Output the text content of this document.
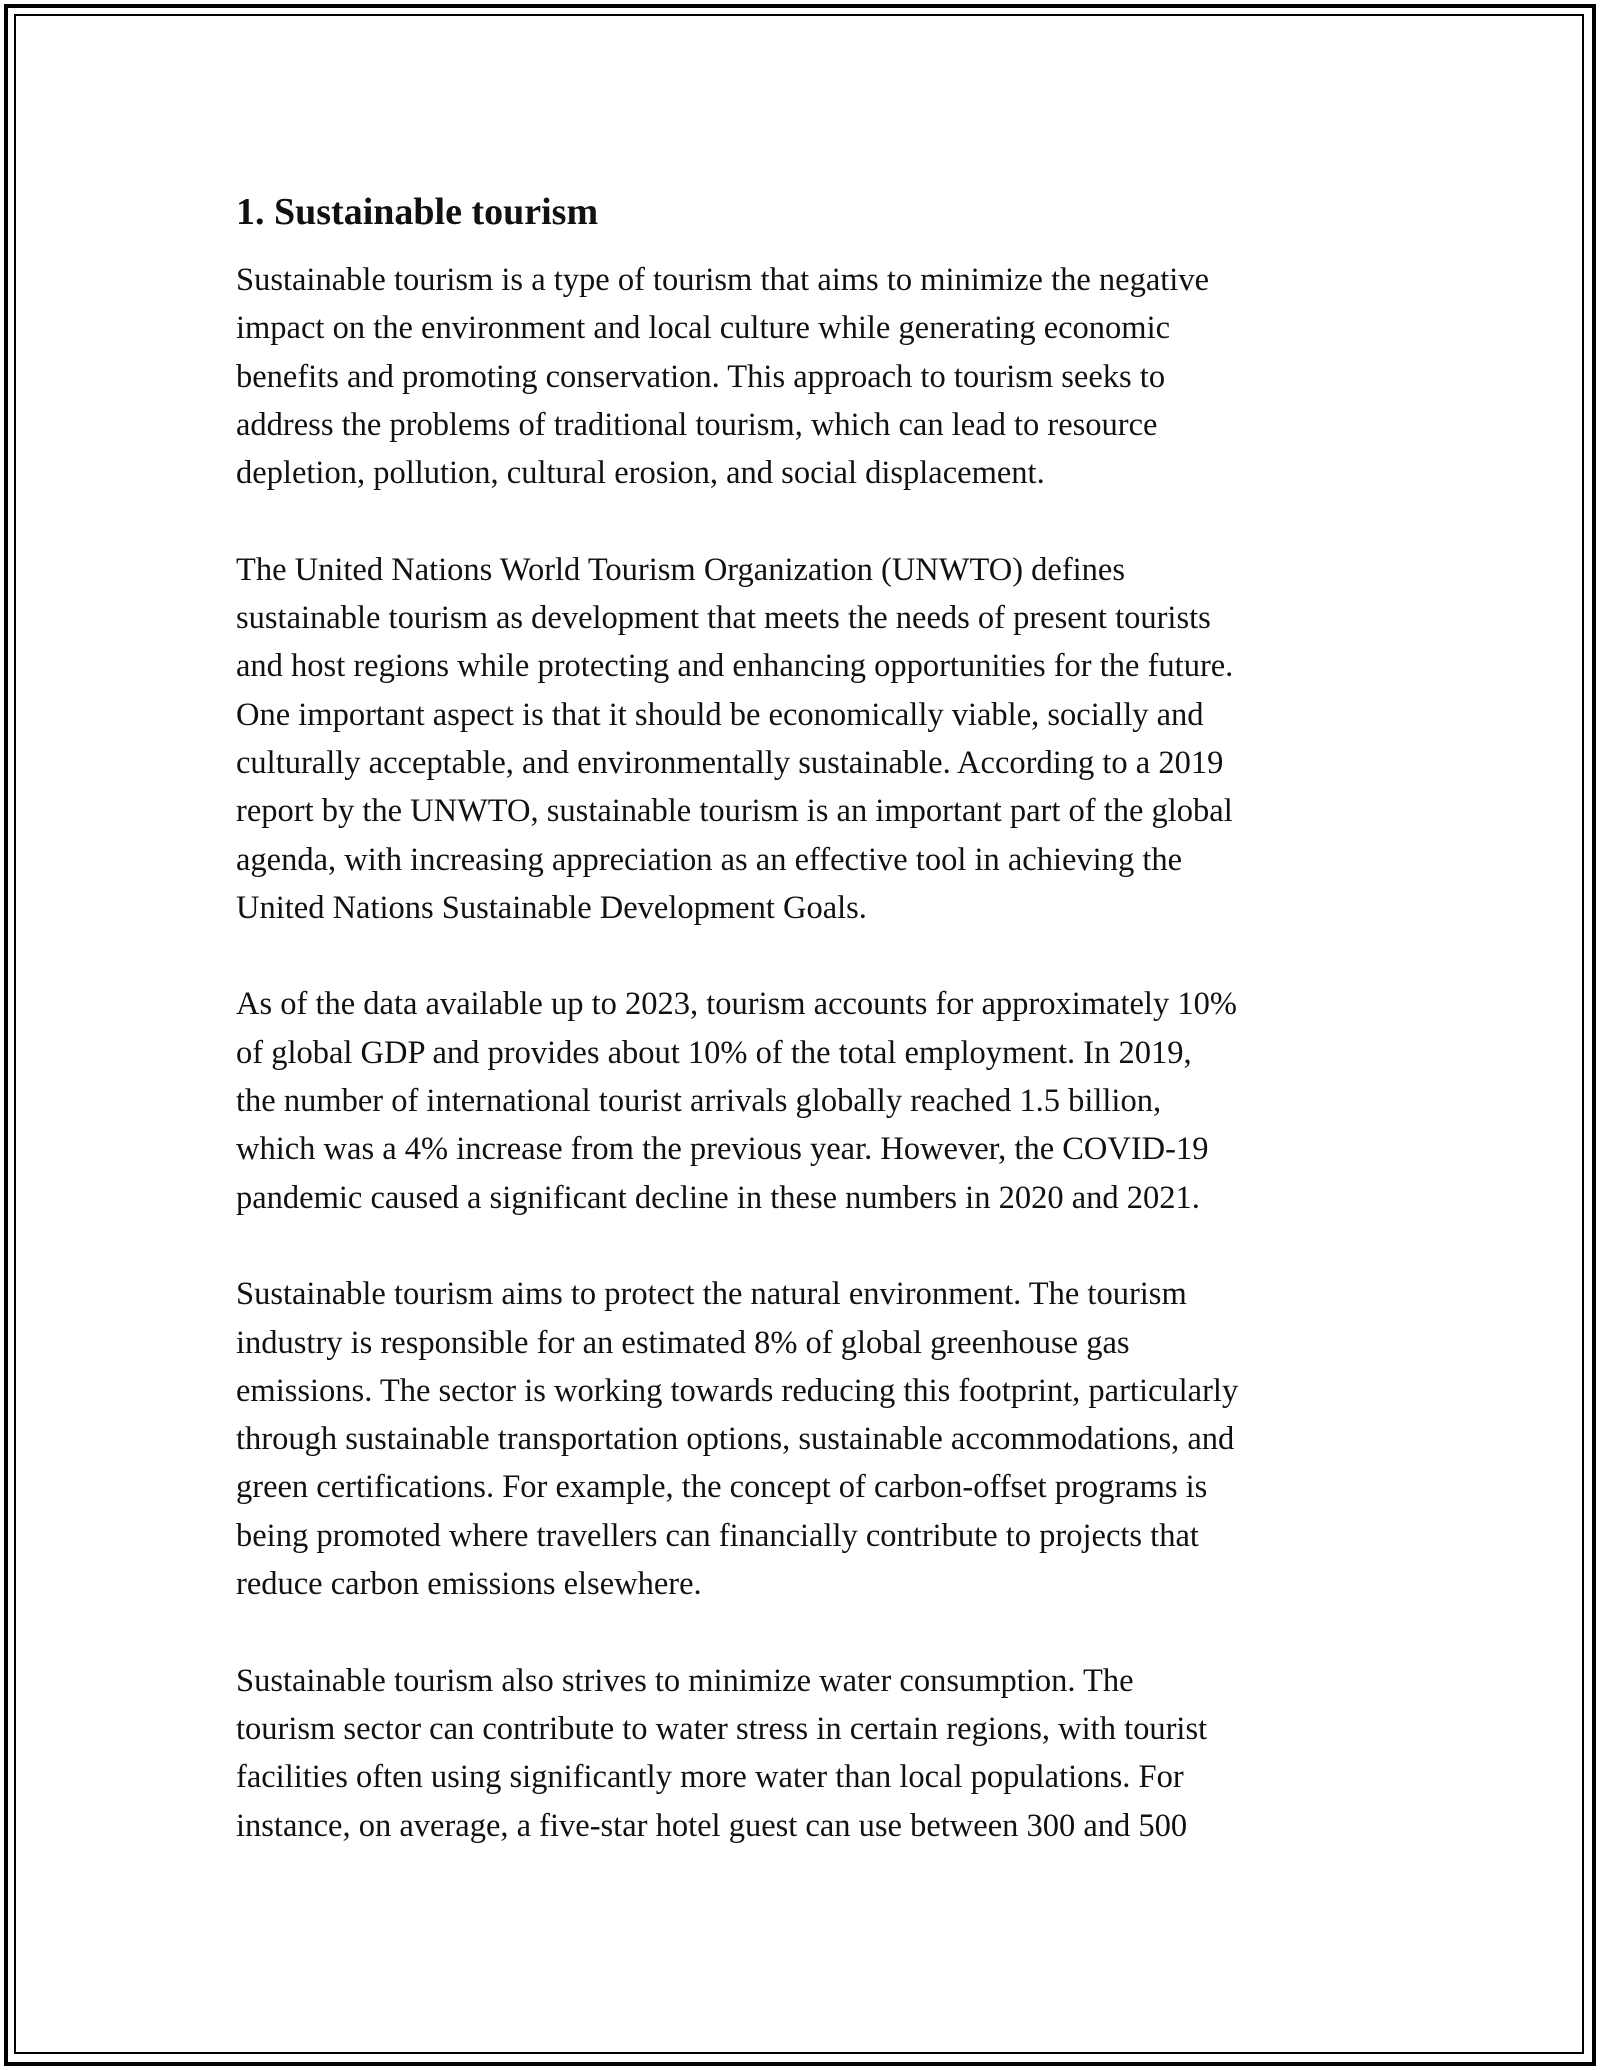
1. Sustainable tourism

Sustainable tourism is a type of tourism that aims to minimize the negative
impact on the environment and local culture while generating economic
benefits and promoting conservation. This approach to tourism seeks to
address the problems of traditional tourism, which can lead to resource
depletion, pollution, cultural erosion, and social displacement.

The United Nations World Tourism Organization (UNWTO) defines
sustainable tourism as development that meets the needs of present tourists
and host regions while protecting and enhancing opportunities for the future.
One important aspect is that it should be economically viable, socially and
culturally acceptable, and environmentally sustainable. According to a 2019
report by the UNWTO, sustainable tourism is an important part of the global
agenda, with increasing appreciation as an effective tool in achieving the
United Nations Sustainable Development Goals.

As of the data available up to 2023, tourism accounts for approximately 10%
of global GDP and provides about 10% of the total employment. In 2019,
the number of international tourist arrivals globally reached 1.5 billion,
which was a 4% increase from the previous year. However, the COVID-19
pandemic caused a significant decline in these numbers in 2020 and 2021.

Sustainable tourism aims to protect the natural environment. The tourism
industry is responsible for an estimated 8% of global greenhouse gas
emissions. The sector is working towards reducing this footprint, particularly
through sustainable transportation options, sustainable accommodations, and
green certifications. For example, the concept of carbon-offset programs is
being promoted where travellers can financially contribute to projects that
reduce carbon emissions elsewhere.

Sustainable tourism also strives to minimize water consumption. The
tourism sector can contribute to water stress in certain regions, with tourist
facilities often using significantly more water than local populations. For
instance, on average, a five-star hotel guest can use between 300 and 500
